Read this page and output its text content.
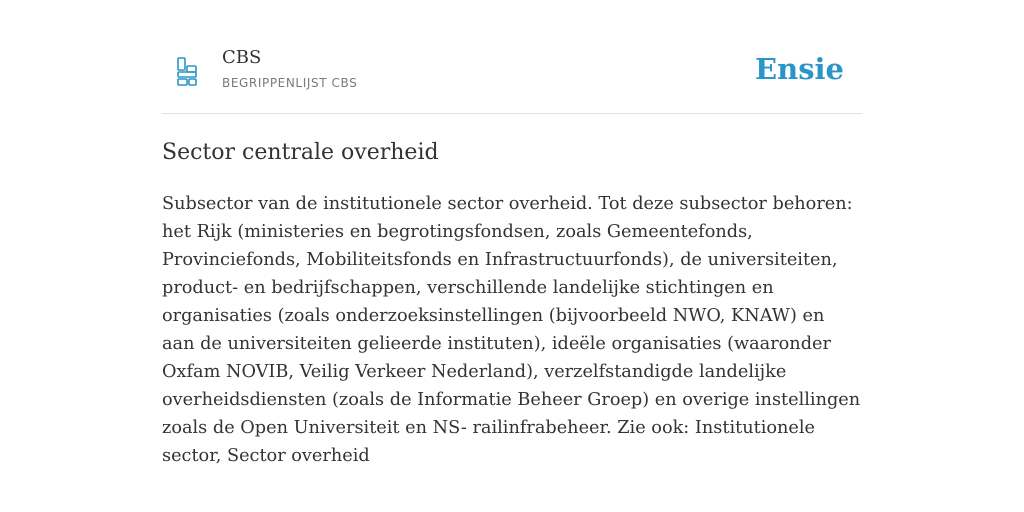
CBS
BEGRIPPENLIJST CBS	Ensie
Sector centrale overheid

Subsector van de institutionele sector overheid. Tot deze subsector behoren: het Rijk (ministeries en begrotingsfondsen, zoals Gemeentefonds, Provinciefonds, Mobiliteitsfonds en Infrastructuurfonds), de universiteiten, product- en bedrijfschappen, verschillende landelijke stichtingen en organisaties (zoals onderzoeksinstellingen (bijvoorbeeld NWO, KNAW) en aan de universiteiten gelieerde instituten), ideële organisaties (waaronder Oxfam NOVIB, Veilig Verkeer Nederland), verzelfstandigde landelijke overheidsdiensten (zoals de Informatie Beheer Groep) en overige instellingen zoals de Open Universiteit en NS- railinfrabeheer. Zie ook: Institutionele sector, Sector overheid
